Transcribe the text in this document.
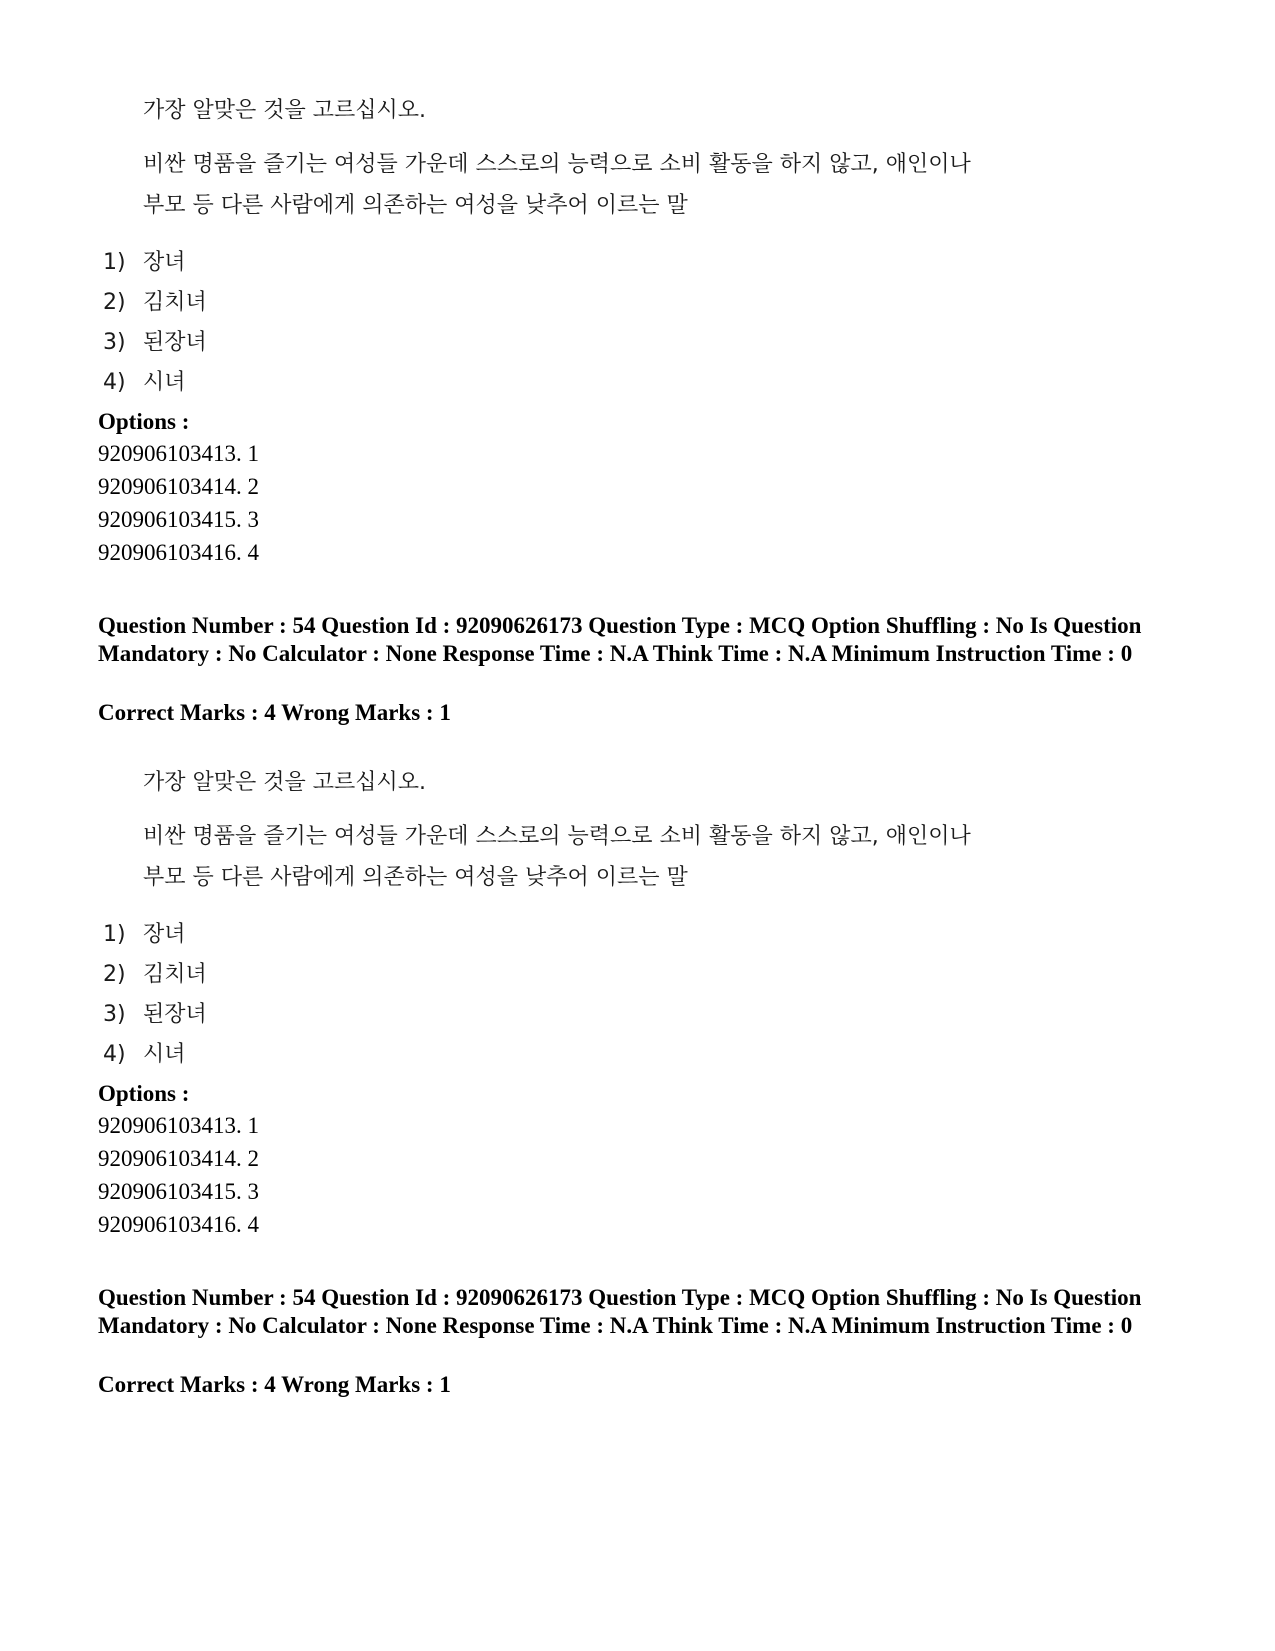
가장 알맞은 것을 고르십시오.
비싼 명품을 즐기는 여성들 가운데 스스로의 능력으로 소비 활동을 하지 않고, 애인이나
부모 등 다른 사람에게 의존하는 여성을 낮추어 이르는 말
1) 장녀
2) 김치녀
3) 된장녀
4) 시녀
Options :
920906103413. 1
920906103414. 2
920906103415. 3
920906103416. 4
Question Number : 54 Question Id : 92090626173 Question Type : MCQ Option Shuffling : No Is Question Mandatory : No Calculator : None Response Time : N.A Think Time : N.A Minimum Instruction Time : 0
Correct Marks : 4 Wrong Marks : 1
가장 알맞은 것을 고르십시오.
비싼 명품을 즐기는 여성들 가운데 스스로의 능력으로 소비 활동을 하지 않고, 애인이나
부모 등 다른 사람에게 의존하는 여성을 낮추어 이르는 말
1) 장녀
2) 김치녀
3) 된장녀
4) 시녀
Options :
920906103413. 1
920906103414. 2
920906103415. 3
920906103416. 4
Question Number : 54 Question Id : 92090626173 Question Type : MCQ Option Shuffling : No Is Question Mandatory : No Calculator : None Response Time : N.A Think Time : N.A Minimum Instruction Time : 0
Correct Marks : 4 Wrong Marks : 1
